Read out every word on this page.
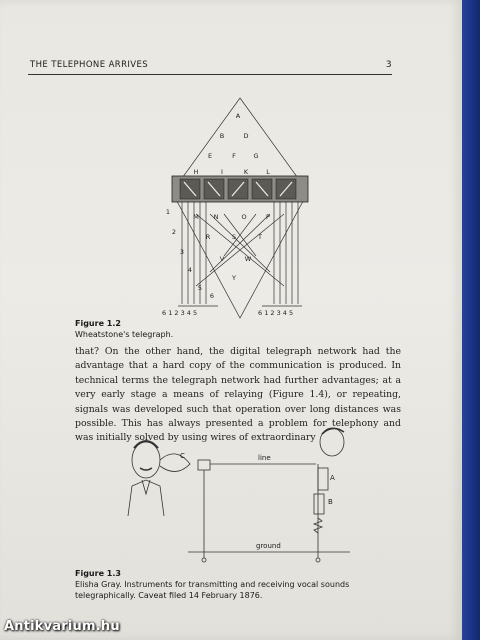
THE TELEPHONE ARRIVES	3
A
B	D
E	F	G
H	I	K	L
M N	O	P
R	S	T
V	W
Y
1
2
3
4
5
6
6 1 2 3 4 5	6 1 2 3 4 5
Figure 1.2
Wheatstone's telegraph.

that? On the other hand, the digital telegraph network had the advantage that a hard copy of the communication is produced. In technical terms the telegraph network had further advantages; at a very early stage a means of relaying (Figure 1.4), or repeating, signals was developed such that operation over long distances was possible. This has always presented a problem for telephony and was initially solved by using wires of extraordinary

C	line
ground
A
B
Figure 1.3
Elisha Gray. Instruments for transmitting and receiving vocal sounds telegraphically. Caveat filed 14 February 1876.
Antikvarium.hu
